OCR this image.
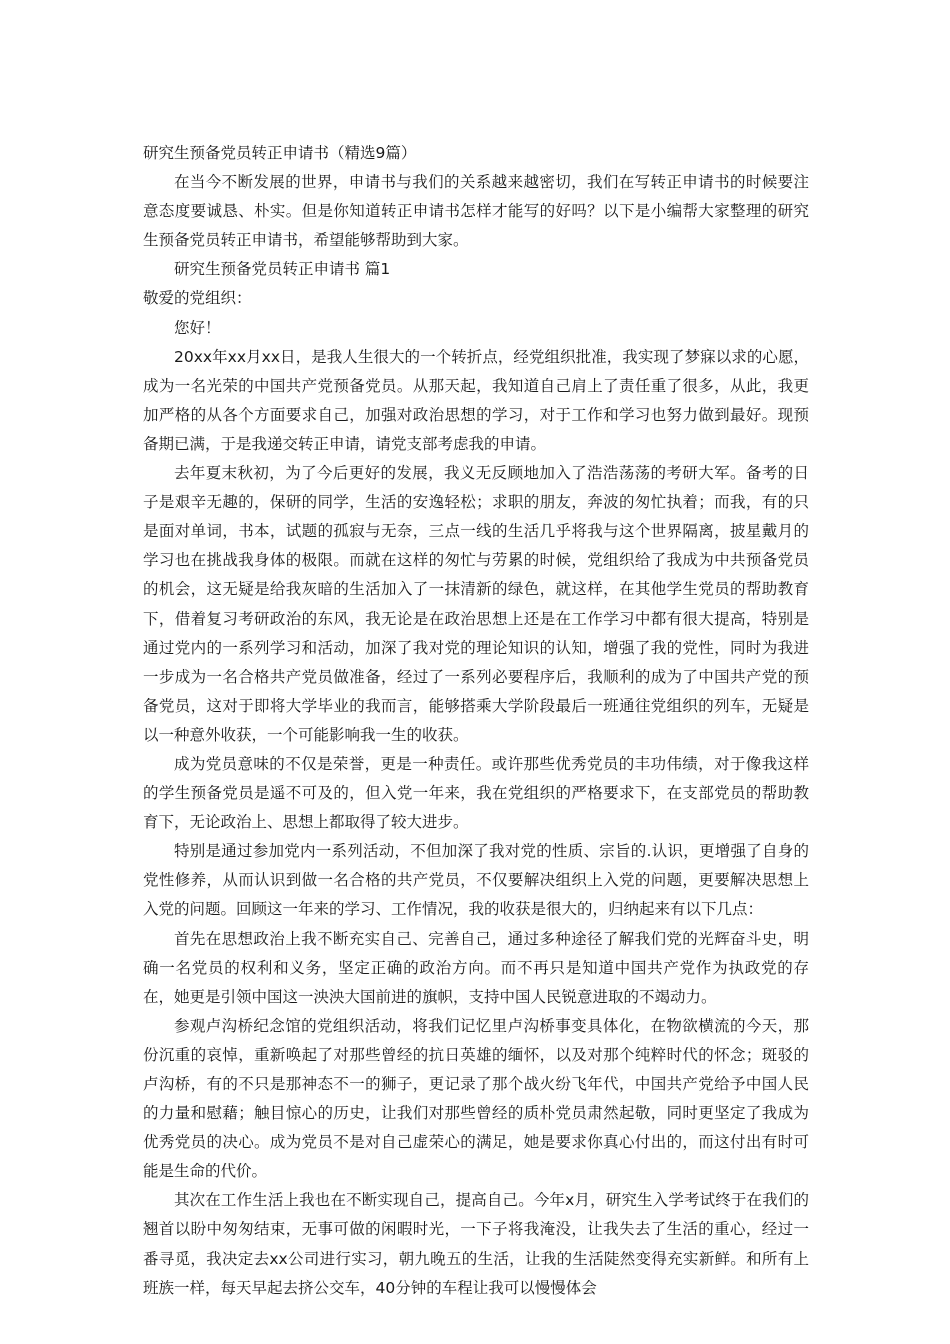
研究生预备党员转正申请书（精选9篇）

在当今不断发展的世界，申请书与我们的关系越来越密切，我们在写转正申请书的时候要注意态度要诚恳、朴实。但是你知道转正申请书怎样才能写的好吗？以下是小编帮大家整理的研究生预备党员转正申请书，希望能够帮助到大家。

研究生预备党员转正申请书 篇1

敬爱的党组织：

您好！

20xx年xx月xx日，是我人生很大的一个转折点，经党组织批准，我实现了梦寐以求的心愿，成为一名光荣的中国共产党预备党员。从那天起，我知道自己肩上了责任重了很多，从此，我更加严格的从各个方面要求自己，加强对政治思想的学习，对于工作和学习也努力做到最好。现预备期已满，于是我递交转正申请，请党支部考虑我的申请。

去年夏末秋初，为了今后更好的发展，我义无反顾地加入了浩浩荡荡的考研大军。备考的日子是艰辛无趣的，保研的同学，生活的安逸轻松；求职的朋友，奔波的匆忙执着；而我，有的只是面对单词，书本，试题的孤寂与无奈，三点一线的生活几乎将我与这个世界隔离，披星戴月的学习也在挑战我身体的极限。而就在这样的匆忙与劳累的时候，党组织给了我成为中共预备党员的机会，这无疑是给我灰暗的生活加入了一抹清新的绿色，就这样，在其他学生党员的帮助教育下，借着复习考研政治的东风，我无论是在政治思想上还是在工作学习中都有很大提高，特别是通过党内的一系列学习和活动，加深了我对党的理论知识的认知，增强了我的党性，同时为我进一步成为一名合格共产党员做准备，经过了一系列必要程序后，我顺利的成为了中国共产党的预备党员，这对于即将大学毕业的我而言，能够搭乘大学阶段最后一班通往党组织的列车，无疑是以一种意外收获，一个可能影响我一生的收获。

成为党员意味的不仅是荣誉，更是一种责任。或许那些优秀党员的丰功伟绩，对于像我这样的学生预备党员是遥不可及的，但入党一年来，我在党组织的严格要求下，在支部党员的帮助教育下，无论政治上、思想上都取得了较大进步。

特别是通过参加党内一系列活动，不但加深了我对党的性质、宗旨的.认识，更增强了自身的党性修养，从而认识到做一名合格的共产党员，不仅要解决组织上入党的问题，更要解决思想上入党的问题。回顾这一年来的学习、工作情况，我的收获是很大的，归纳起来有以下几点：

首先在思想政治上我不断充实自己、完善自己，通过多种途径了解我们党的光辉奋斗史，明确一名党员的权利和义务，坚定正确的政治方向。而不再只是知道中国共产党作为执政党的存在，她更是引领中国这一泱泱大国前进的旗帜，支持中国人民锐意进取的不竭动力。

参观卢沟桥纪念馆的党组织活动，将我们记忆里卢沟桥事变具体化，在物欲横流的今天，那份沉重的哀悼，重新唤起了对那些曾经的抗日英雄的缅怀，以及对那个纯粹时代的怀念；斑驳的卢沟桥，有的不只是那神态不一的狮子，更记录了那个战火纷飞年代，中国共产党给予中国人民的力量和慰藉；触目惊心的历史，让我们对那些曾经的质朴党员肃然起敬，同时更坚定了我成为优秀党员的决心。成为党员不是对自己虚荣心的满足，她是要求你真心付出的，而这付出有时可能是生命的代价。

其次在工作生活上我也在不断实现自己，提高自己。今年x月，研究生入学考试终于在我们的翘首以盼中匆匆结束，无事可做的闲暇时光，一下子将我淹没，让我失去了生活的重心，经过一番寻觅，我决定去xx公司进行实习，朝九晚五的生活，让我的生活陡然变得充实新鲜。和所有上班族一样，每天早起去挤公交车，40分钟的车程让我可以慢慢体会
